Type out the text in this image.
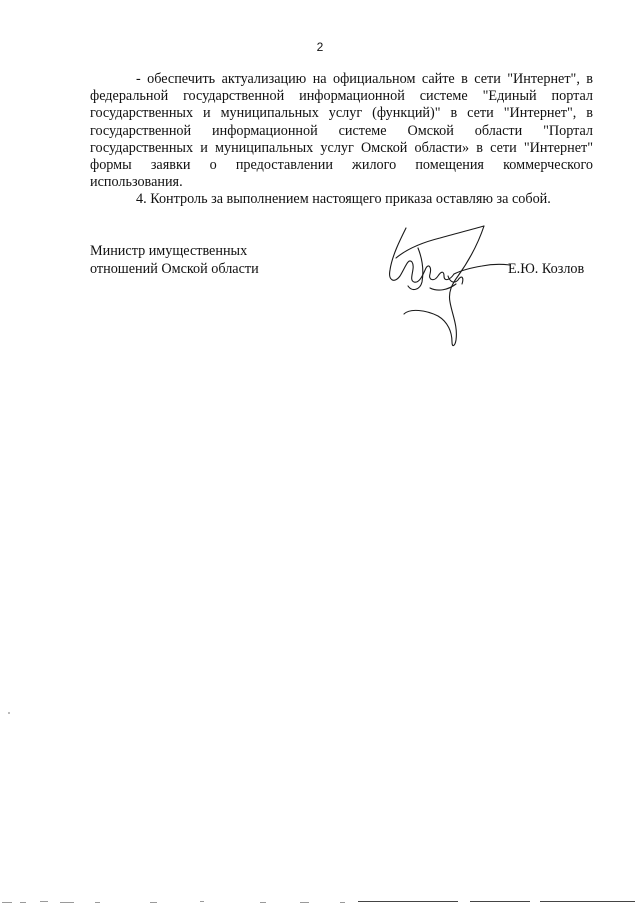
2

- обеспечить актуализацию на официальном сайте в сети "Интернет", в федеральной государственной информационной системе "Единый портал государственных и муниципальных услуг (функций)" в сети "Интернет", в государственной информационной системе Омской области "Портал государственных и муниципальных услуг Омской области» в сети "Интернет" формы заявки о предоставлении жилого помещения коммерческого использования.

4. Контроль за выполнением настоящего приказа оставляю за собой.

Министр имущественных
отношений Омской области	Е.Ю. Козлов
